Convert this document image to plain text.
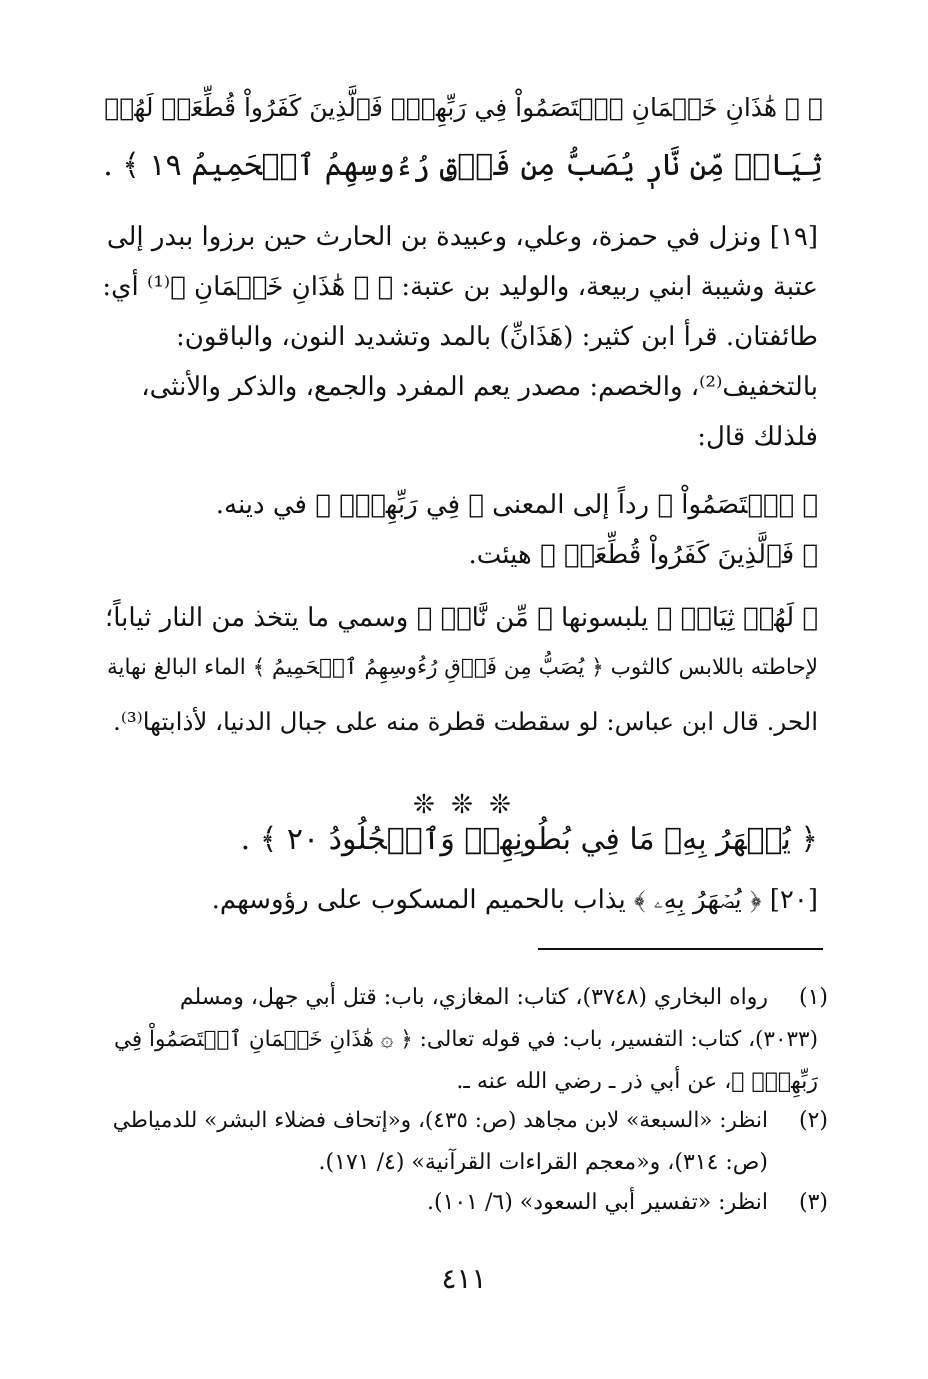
﴿ ۞ هَٰذَانِ خَصۡمَانِ ٱخۡتَصَمُواْ فِي رَبِّهِمۡۖ فَٱلَّذِينَ كَفَرُواْ قُطِّعَتۡ لَهُمۡ
ثِيَابٞ مِّن نَّارٖ يُصَبُّ مِن فَوۡقِ رُءُوسِهِمُ ٱلۡحَمِيمُ ١٩ ﴾ .
[١٩] ونزل في حمزة، وعلي، وعبيدة بن الحارث حين برزوا ببدر إلى
عتبة وشيبة ابني ربيعة، والوليد بن عتبة: ﴿ ۞ هَٰذَانِ خَصۡمَانِ ﴾⁽¹⁾ أي:
طائفتان. قرأ ابن كثير: (هَذَانِّ) بالمد وتشديد النون، والباقون:
بالتخفيف⁽²⁾، والخصم: مصدر يعم المفرد والجمع، والذكر والأنثى،
فلذلك قال:
﴿ ٱخۡتَصَمُواْ ﴾ رداً إلى المعنى ﴿ فِي رَبِّهِمۡۖ ﴾ في دينه.
﴿ فَٱلَّذِينَ كَفَرُواْ قُطِّعَتۡ ﴾ هيئت.
﴿ لَهُمۡ ثِيَابٞ ﴾ يلبسونها ﴿ مِّن نَّارٖ ﴾ وسمي ما يتخذ من النار ثياباً؛
لإحاطته باللابس كالثوب ﴿ يُصَبُّ مِن فَوۡقِ رُءُوسِهِمُ ٱلۡحَمِيمُ ﴾ الماء البالغ نهاية
الحر. قال ابن عباس: لو سقطت قطرة منه على جبال الدنيا، لأذابتها⁽³⁾.
❊ ❊ ❊
﴿ يُصۡهَرُ بِهِۦ مَا فِي بُطُونِهِمۡ وَٱلۡجُلُودُ ٢٠ ﴾ .
[٢٠] ﴿ يُصۡهَرُ بِهِۦ ﴾ يذاب بالحميم المسكوب على رؤوسهم.
(١)
رواه البخاري (٣٧٤٨)، كتاب: المغازي، باب: قتل أبي جهل، ومسلم
(٣٠٣٣)، كتاب: التفسير، باب: في قوله تعالى: ﴿ ۞ هَٰذَانِ خَصۡمَانِ ٱخۡتَصَمُواْ فِي
رَبِّهِمۡۖ ﴾، عن أبي ذر ـ رضي الله عنه ـ.
(٢)
انظر: «السبعة» لابن مجاهد (ص: ٤٣٥)، و«إتحاف فضلاء البشر» للدمياطي
(ص: ٣١٤)، و«معجم القراءات القرآنية» (٤/ ١٧١).
(٣)
انظر: «تفسير أبي السعود» (٦/ ١٠١).
٤١١
